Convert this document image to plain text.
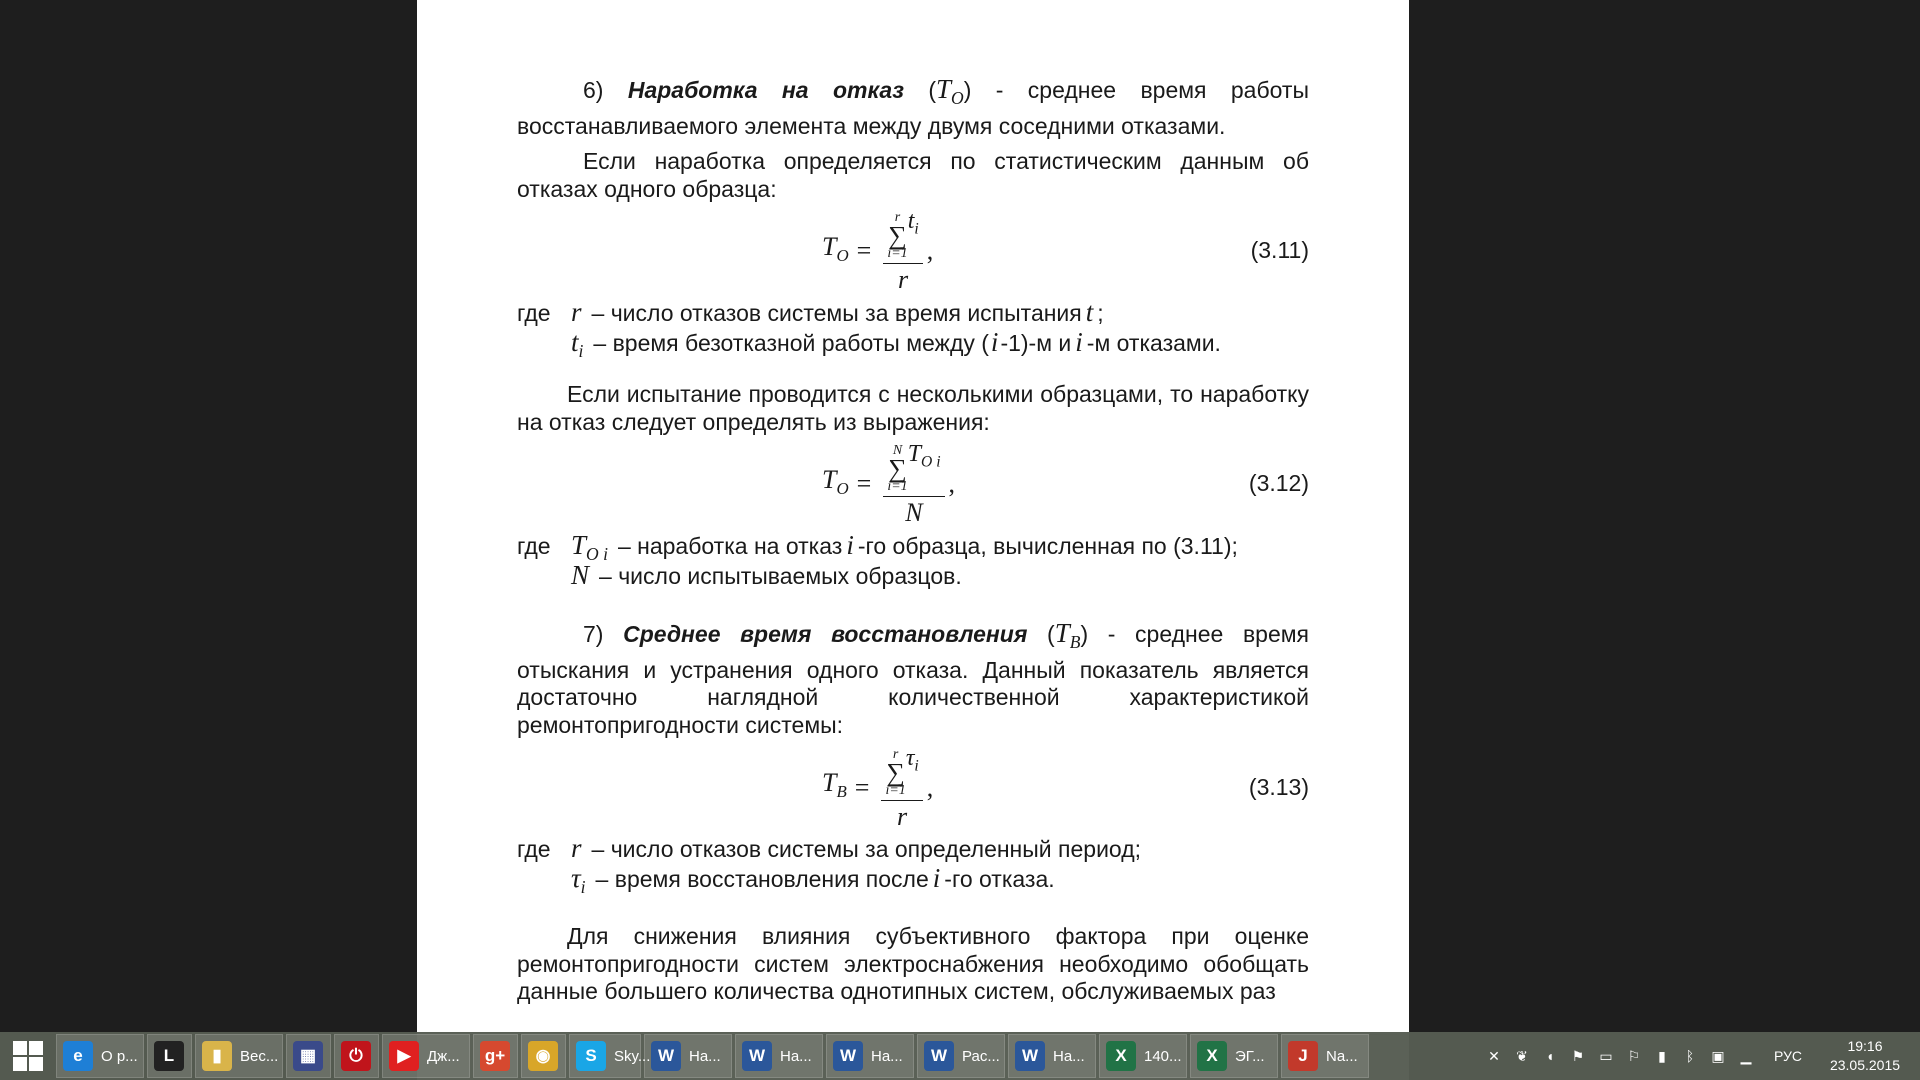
6) Наработка на отказ $(T_O)$ - среднее время работы восстанавливаемого элемента между двумя соседними отказами.

Если наработка определяется по статистическим данным об отказах одного образца:

$T_O = r$
∑
i=1
$t_i$
r ,	(3.11)
где r – число отказов системы за время испытания t ;
$t_i$ – время безотказной работы между ( i -1)-м и i -м отказами.

Если испытание проводится с несколькими образцами, то наработку на отказ следует определять из выражения:

$T_O = N$
∑
i=1
$T_{O i}$
N ,	(3.12)
где $T_{O i}$ – наработка на отказ i -го образца, вычисленная по (3.11);
N – число испытываемых образцов.

7) Среднее время восстановления $(T_B)$ - среднее время отыскания и устранения одного отказа. Данный показатель является достаточно наглядной количественной характеристикой ремонтопригодности системы:

$T_B = r$
∑
i=1
$\tau_i$
r ,	(3.13)
где r – число отказов системы за определенный период;
$\tau_i$ – время восстановления после i -го отказа.

Для снижения влияния субъективного фактора при оценке ремонтопригодности систем электроснабжения необходимо обобщать данные большего количества однотипных систем, обслуживаемых раз

e	О р...	L	▮	Вес...	▦	⏻	▶	Дж... g+	◉	S	Sky... W На...	W На...	W На...	W Рас...	W На...	X	140...	X	ЭГ...	J	Na...	✕ ❦	◖	⚑ ▭ ⚐	▮	ᛒ	▣	▁	РУС
19:16
23.05.2015
